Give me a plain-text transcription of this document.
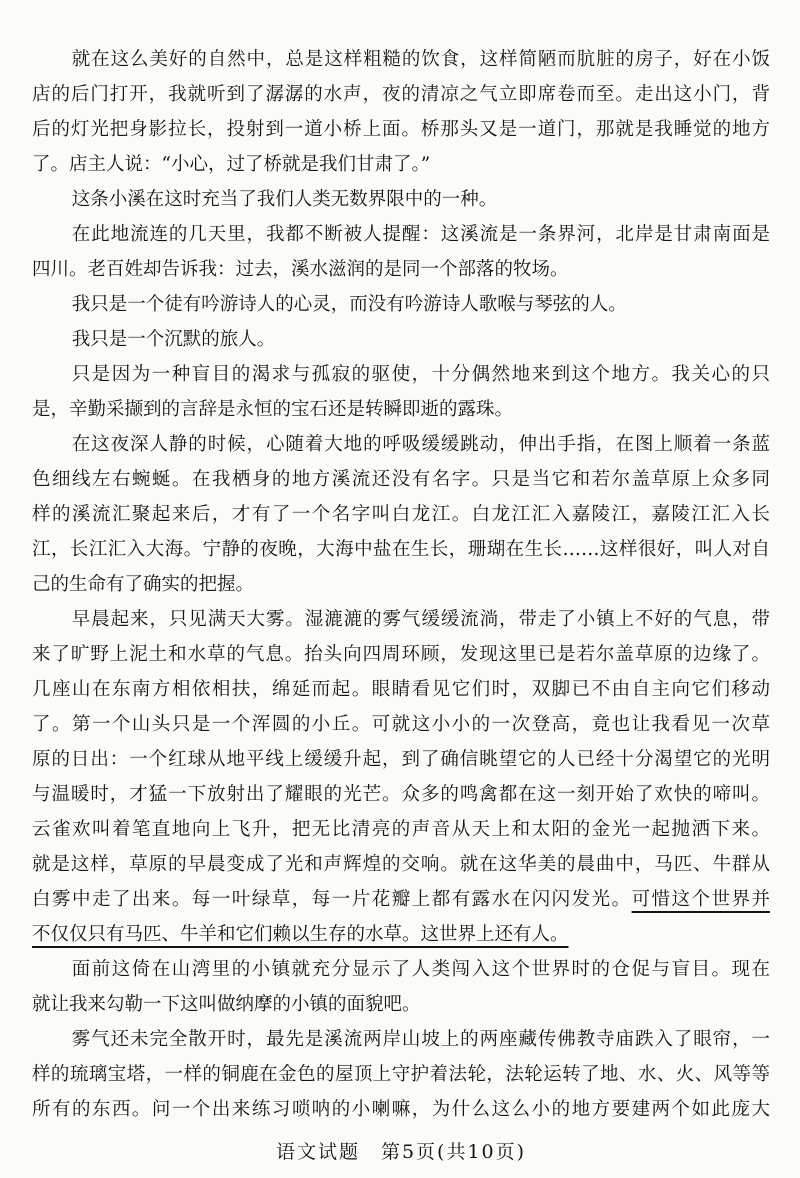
就在这么美好的自然中，总是这样粗糙的饮食，这样简陋而肮脏的房子，好在小饭
店的后门打开，我就听到了潺潺的水声，夜的清凉之气立即席卷而至。走出这小门，背
后的灯光把身影拉长，投射到一道小桥上面。桥那头又是一道门，那就是我睡觉的地方
了。店主人说：“小心，过了桥就是我们甘肃了。”
这条小溪在这时充当了我们人类无数界限中的一种。
在此地流连的几天里，我都不断被人提醒：这溪流是一条界河，北岸是甘肃南面是
四川。老百姓却告诉我：过去，溪水滋润的是同一个部落的牧场。
我只是一个徒有吟游诗人的心灵，而没有吟游诗人歌喉与琴弦的人。
我只是一个沉默的旅人。
只是因为一种盲目的渴求与孤寂的驱使，十分偶然地来到这个地方。我关心的只
是，辛勤采撷到的言辞是永恒的宝石还是转瞬即逝的露珠。
在这夜深人静的时候，心随着大地的呼吸缓缓跳动，伸出手指，在图上顺着一条蓝
色细线左右蜿蜒。在我栖身的地方溪流还没有名字。只是当它和若尔盖草原上众多同
样的溪流汇聚起来后，才有了一个名字叫白龙江。白龙江汇入嘉陵江，嘉陵江汇入长
江，长江汇入大海。宁静的夜晚，大海中盐在生长，珊瑚在生长……这样很好，叫人对自
己的生命有了确实的把握。
早晨起来，只见满天大雾。湿漉漉的雾气缓缓流淌，带走了小镇上不好的气息，带
来了旷野上泥土和水草的气息。抬头向四周环顾，发现这里已是若尔盖草原的边缘了。
几座山在东南方相依相扶，绵延而起。眼睛看见它们时，双脚已不由自主向它们移动
了。第一个山头只是一个浑圆的小丘。可就这小小的一次登高，竟也让我看见一次草
原的日出：一个红球从地平线上缓缓升起，到了确信眺望它的人已经十分渴望它的光明
与温暖时，才猛一下放射出了耀眼的光芒。众多的鸣禽都在这一刻开始了欢快的啼叫。
云雀欢叫着笔直地向上飞升，把无比清亮的声音从天上和太阳的金光一起抛洒下来。
就是这样，草原的早晨变成了光和声辉煌的交响。就在这华美的晨曲中，马匹、牛群从
白雾中走了出来。每一叶绿草，每一片花瓣上都有露水在闪闪发光。可惜这个世界并
不仅仅只有马匹、牛羊和它们赖以生存的水草。这世界上还有人。
面前这倚在山湾里的小镇就充分显示了人类闯入这个世界时的仓促与盲目。现在
就让我来勾勒一下这叫做纳摩的小镇的面貌吧。
雾气还未完全散开时，最先是溪流两岸山坡上的两座藏传佛教寺庙跌入了眼帘，一
样的琉璃宝塔，一样的铜鹿在金色的屋顶上守护着法轮，法轮运转了地、水、火、风等等
所有的东西。问一个出来练习唢呐的小喇嘛，为什么这么小的地方要建两个如此庞大
语文试题　第5页(共10页)
